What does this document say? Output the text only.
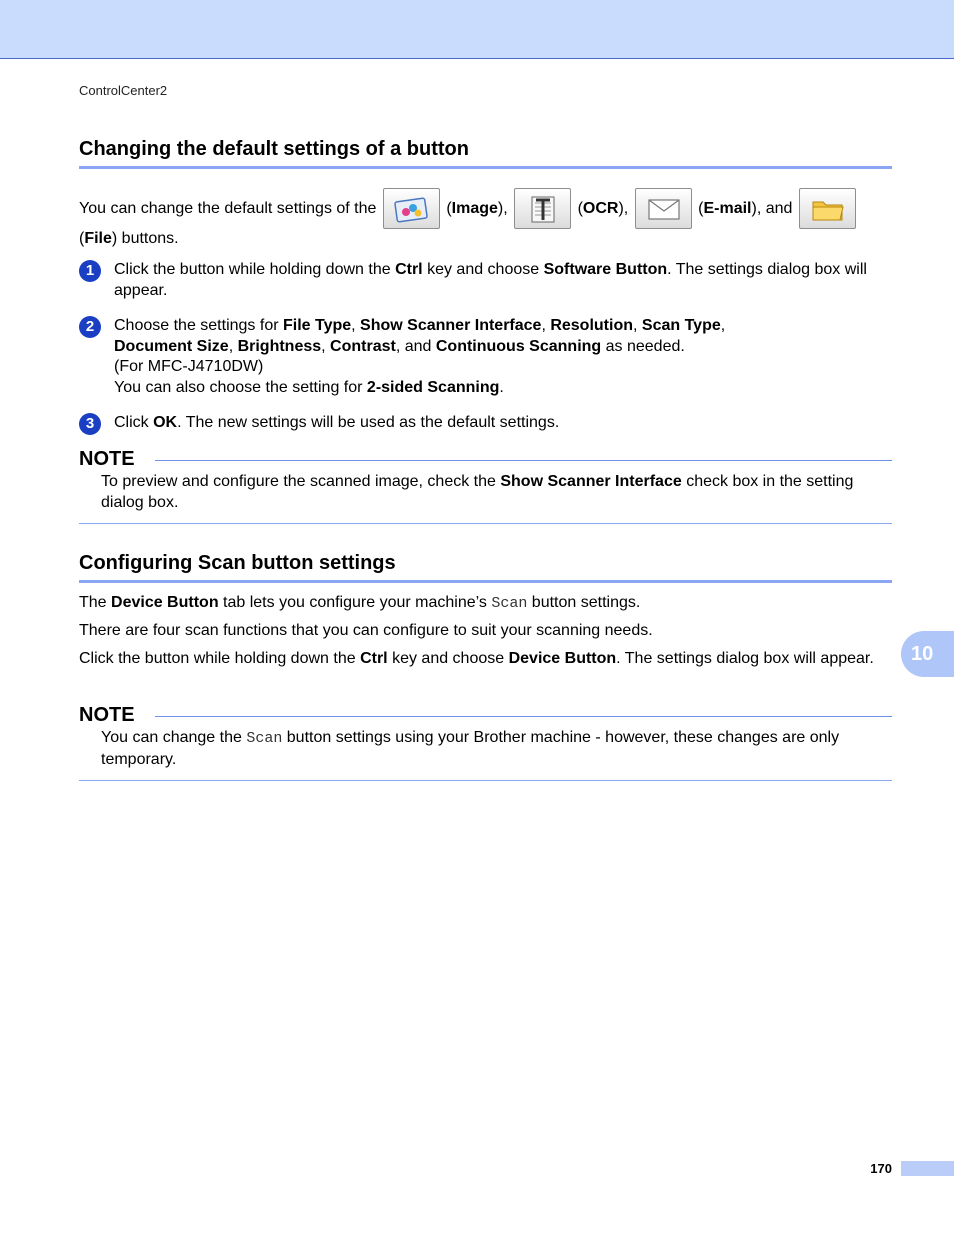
ControlCenter2
Changing the default settings of a button
You can change the default settings of the	(Image),	(OCR),	(E-mail), and

(File) buttons.
1	Click the button while holding down the Ctrl key and choose Software Button. The settings dialog box will appear.
2	Choose the settings for File Type, Show Scanner Interface, Resolution, Scan Type,
Document Size, Brightness, Contrast, and Continuous Scanning as needed.
(For MFC-J4710DW)
You can also choose the setting for 2-sided Scanning.
3	Click OK. The new settings will be used as the default settings.
NOTE
To preview and configure the scanned image, check the Show Scanner Interface check box in the setting dialog box.
Configuring Scan button settings
The Device Button tab lets you configure your machine’s Scan button settings.
There are four scan functions that you can configure to suit your scanning needs.
Click the button while holding down the Ctrl key and choose Device Button. The settings dialog box will appear.
NOTE
You can change the Scan button settings using your Brother machine - however, these changes are only temporary.
10
170
